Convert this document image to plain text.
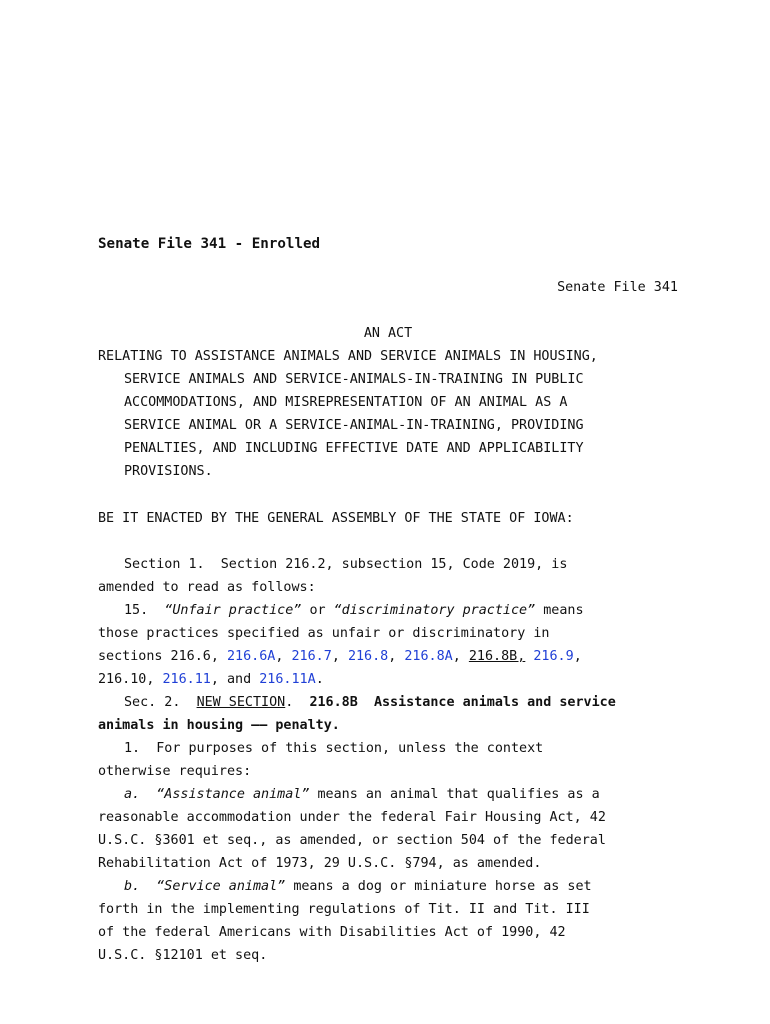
Senate File 341 - Enrolled
Senate File 341
AN ACT
RELATING TO ASSISTANCE ANIMALS AND SERVICE ANIMALS IN HOUSING,
SERVICE ANIMALS AND SERVICE-ANIMALS-IN-TRAINING IN PUBLIC
ACCOMMODATIONS, AND MISREPRESENTATION OF AN ANIMAL AS A
SERVICE ANIMAL OR A SERVICE-ANIMAL-IN-TRAINING, PROVIDING
PENALTIES, AND INCLUDING EFFECTIVE DATE AND APPLICABILITY
PROVISIONS.
BE IT ENACTED BY THE GENERAL ASSEMBLY OF THE STATE OF IOWA:
Section 1.  Section 216.2, subsection 15, Code 2019, is
amended to read as follows:
15. “Unfair practice” or “discriminatory practice” means
those practices specified as unfair or discriminatory in
sections 216.6, 216.6A, 216.7, 216.8, 216.8A, 216.8B, 216.9,
216.10, 216.11, and 216.11A.
Sec. 2. NEW SECTION.  216.8B Assistance animals and service
animals in housing —— penalty.
1.  For purposes of this section, unless the context
otherwise requires:
a. “Assistance animal” means an animal that qualifies as a
reasonable accommodation under the federal Fair Housing Act, 42
U.S.C. §3601 et seq., as amended, or section 504 of the federal
Rehabilitation Act of 1973, 29 U.S.C. §794, as amended.
b. “Service animal” means a dog or miniature horse as set
forth in the implementing regulations of Tit. II and Tit. III
of the federal Americans with Disabilities Act of 1990, 42
U.S.C. §12101 et seq.
